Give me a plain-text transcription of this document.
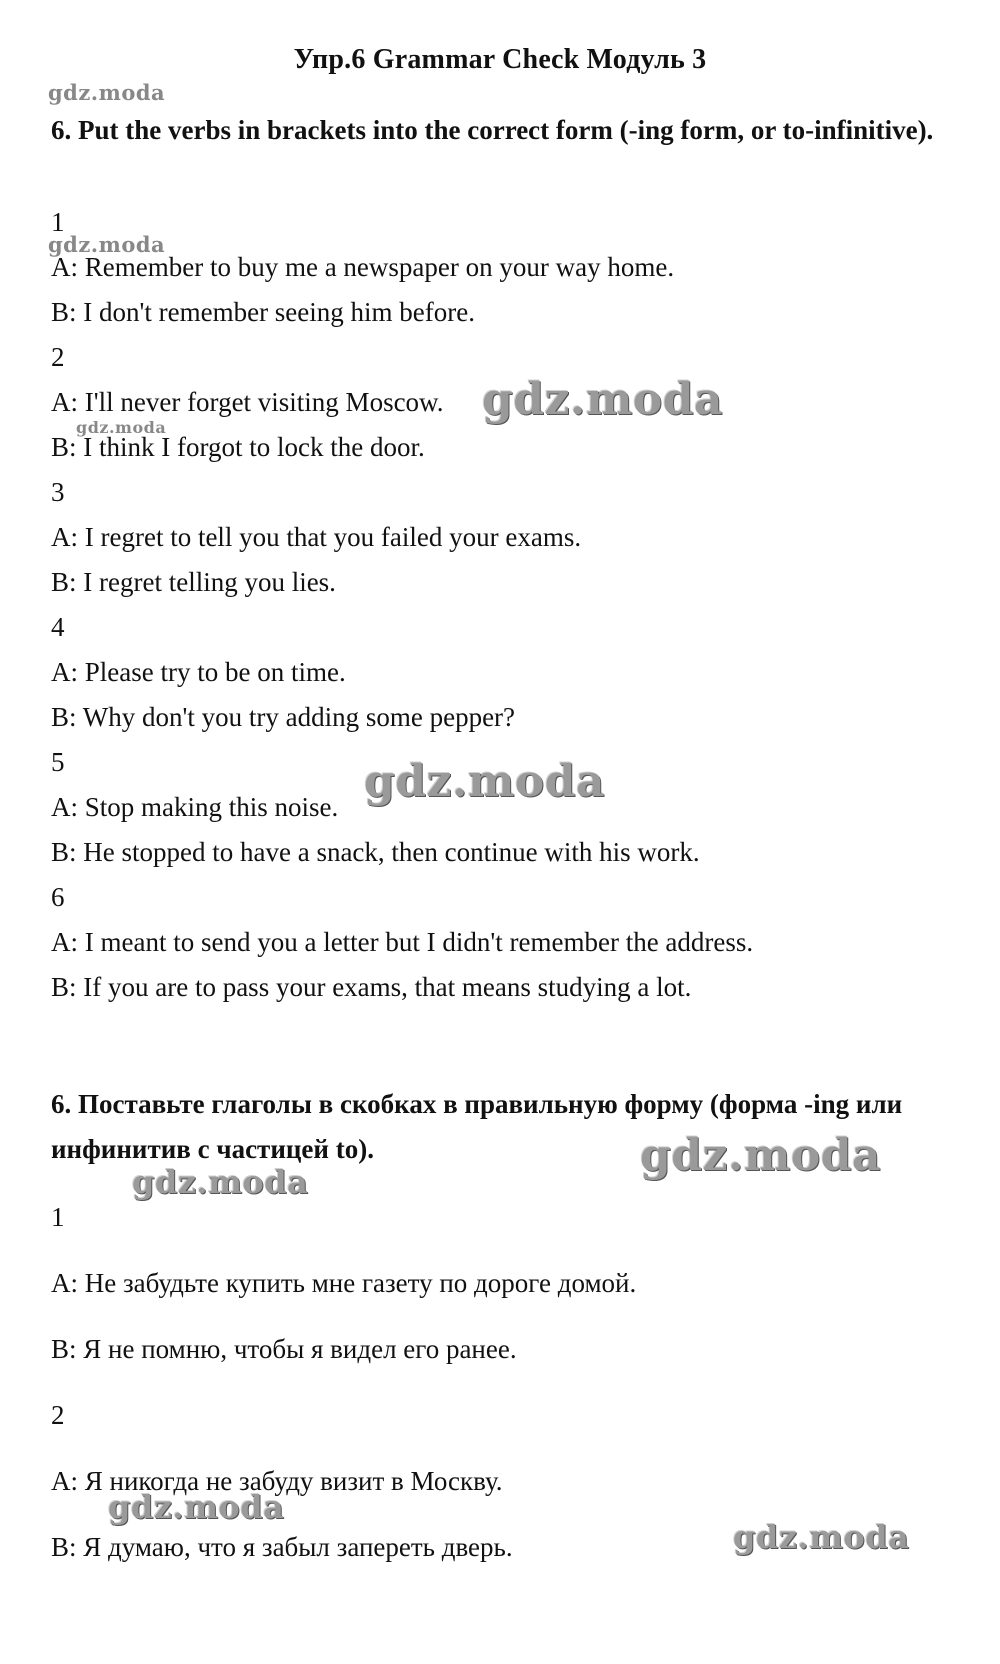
Упр.6 Grammar Check Модуль 3
6. Put the verbs in brackets into the correct form (-ing form, or to-infinitive).
1
A: Remember to buy me a newspaper on your way home.
B: I don't remember seeing him before.
2
A: I'll never forget visiting Moscow.
B: I think I forgot to lock the door.
3
A: I regret to tell you that you failed your exams.
B: I regret telling you lies.
4
A: Please try to be on time.
B: Why don't you try adding some pepper?
5
A: Stop making this noise.
B: He stopped to have a snack, then continue with his work.
6
A: I meant to send you a letter but I didn't remember the address.
B: If you are to pass your exams, that means studying a lot.
6. Поставьте глаголы в скобках в правильную форму (форма -ing или инфинитив с частицей to).
1
A: Не забудьте купить мне газету по дороге домой.
B: Я не помню, чтобы я видел его ранее.
2
A: Я никогда не забуду визит в Москву.
B: Я думаю, что я забыл запереть дверь.
gdz.moda
gdz.moda
gdz.moda
gdz.moda
gdz.moda
gdz.moda
gdz.moda
gdz.moda
gdz.moda
